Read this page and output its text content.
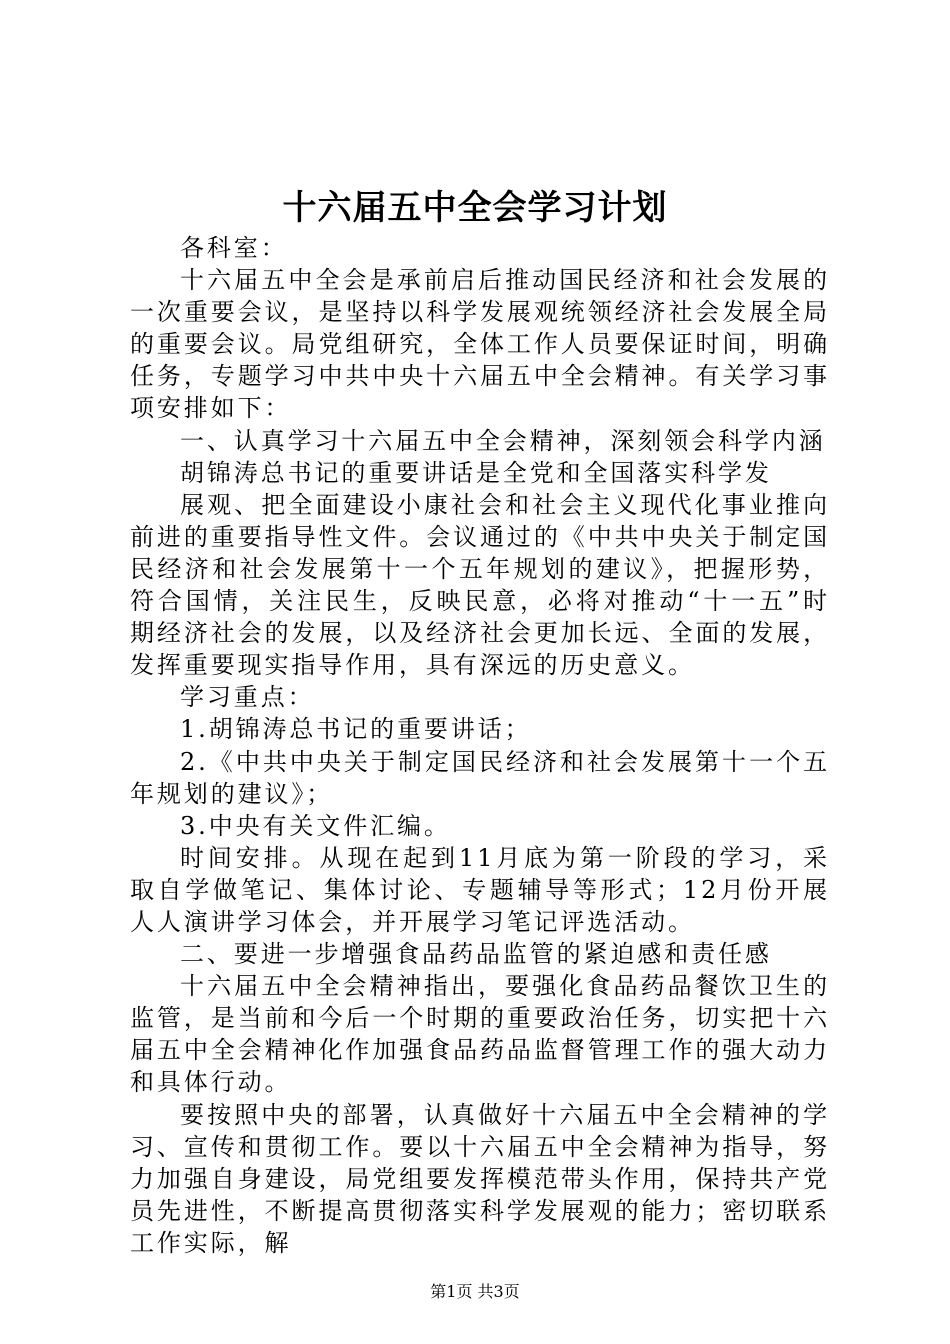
十六届五中全会学习计划

各科室：

十六届五中全会是承前启后推动国民经济和社会发展的一次重要会议，是坚持以科学发展观统领经济社会发展全局的重要会议。局党组研究，全体工作人员要保证时间，明确任务，专题学习中共中央十六届五中全会精神。有关学习事项安排如下：

一、认真学习十六届五中全会精神，深刻领会科学内涵

胡锦涛总书记的重要讲话是全党和全国落实科学发

展观、把全面建设小康社会和社会主义现代化事业推向前进的重要指导性文件。会议通过的《中共中央关于制定国民经济和社会发展第十一个五年规划的建议》，把握形势，符合国情，关注民生，反映民意，必将对推动“十一五”时期经济社会的发展，以及经济社会更加长远、全面的发展，发挥重要现实指导作用，具有深远的历史意义。

学习重点：

1.胡锦涛总书记的重要讲话；

2.《中共中央关于制定国民经济和社会发展第十一个五年规划的建议》；

3.中央有关文件汇编。

时间安排。从现在起到11月底为第一阶段的学习，采取自学做笔记、集体讨论、专题辅导等形式；12月份开展人人演讲学习体会，并开展学习笔记评选活动。

二、要进一步增强食品药品监管的紧迫感和责任感

十六届五中全会精神指出，要强化食品药品餐饮卫生的监管，是当前和今后一个时期的重要政治任务，切实把十六届五中全会精神化作加强食品药品监督管理工作的强大动力和具体行动。

要按照中央的部署，认真做好十六届五中全会精神的学习、宣传和贯彻工作。要以十六届五中全会精神为指导，努力加强自身建设，局党组要发挥模范带头作用，保持共产党员先进性，不断提高贯彻落实科学发展观的能力；密切联系工作实际，解

第1页 共3页
